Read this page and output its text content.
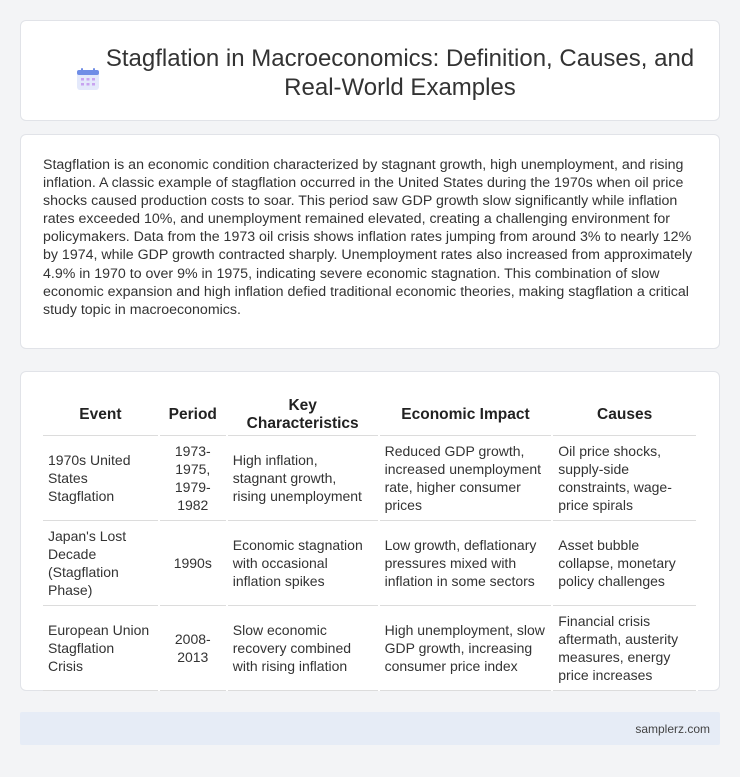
Stagflation in Macroeconomics: Definition, Causes, and Real-World Examples

Stagflation is an economic condition characterized by stagnant growth, high unemployment, and rising inflation. A classic example of stagflation occurred in the United States during the 1970s when oil price shocks caused production costs to soar. This period saw GDP growth slow significantly while inflation rates exceeded 10%, and unemployment remained elevated, creating a challenging environment for policymakers. Data from the 1973 oil crisis shows inflation rates jumping from around 3% to nearly 12% by 1974, while GDP growth contracted sharply. Unemployment rates also increased from approximately 4.9% in 1970 to over 9% in 1975, indicating severe economic stagnation. This combination of slow economic expansion and high inflation defied traditional economic theories, making stagflation a critical study topic in macroeconomics.

Event	Period	Key Characteristics	Economic Impact	Causes
1970s United States Stagflation	1973-1975, 1979-1982	High inflation, stagnant growth, rising unemployment	Reduced GDP growth, increased unemployment rate, higher consumer prices	Oil price shocks, supply-side constraints, wage-price spirals
Japan's Lost Decade (Stagflation Phase)	1990s	Economic stagnation with occasional inflation spikes	Low growth, deflationary pressures mixed with inflation in some sectors	Asset bubble collapse, monetary policy challenges
European Union Stagflation Crisis	2008-2013	Slow economic recovery combined with rising inflation	High unemployment, slow GDP growth, increasing consumer price index	Financial crisis aftermath, austerity measures, energy price increases
samplerz.com
